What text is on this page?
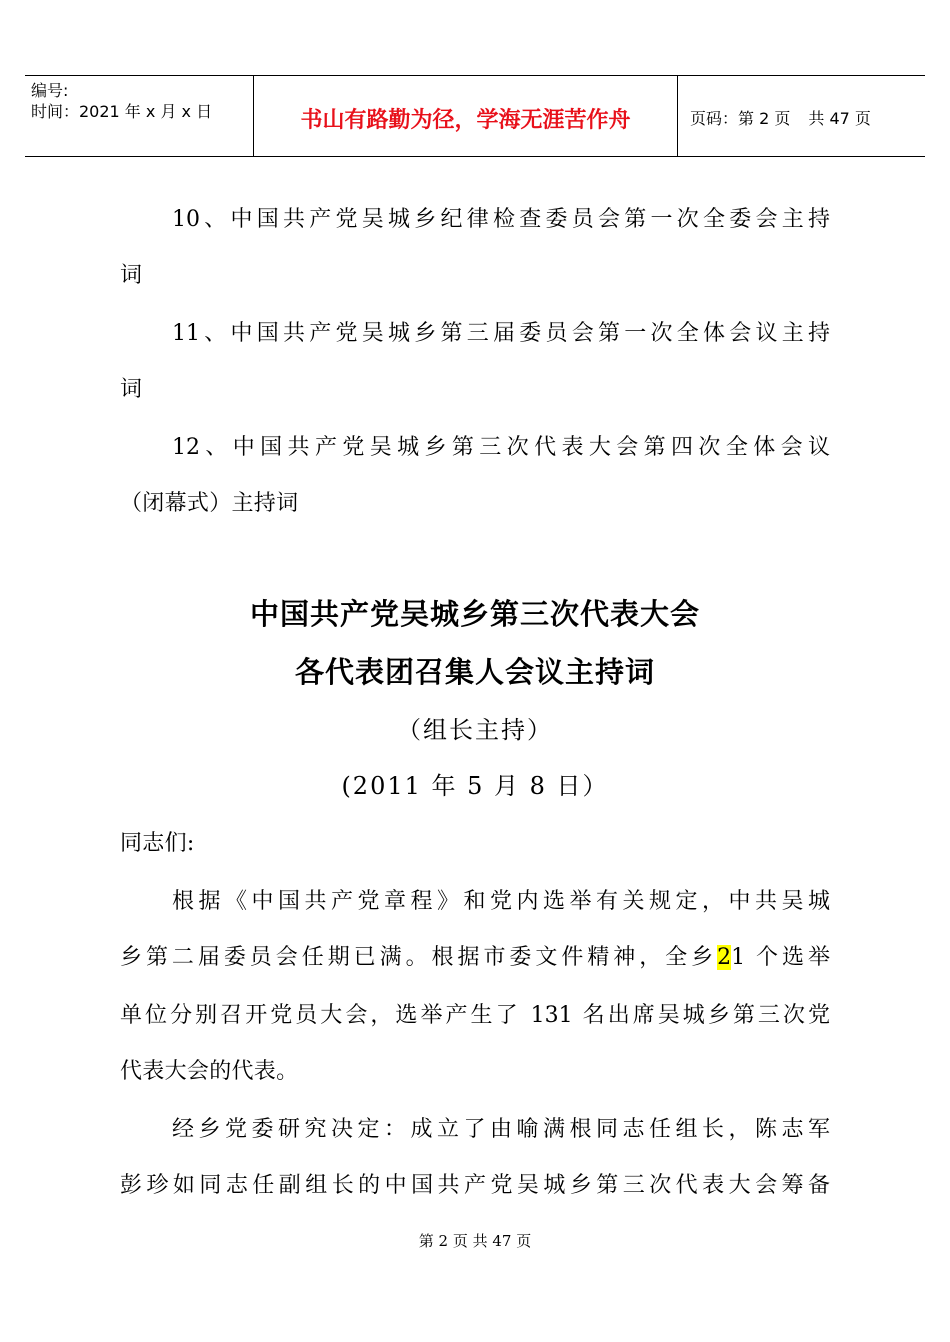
编号:
时间：2021 年 x 月 x 日	书山有路勤为径，学海无涯苦作舟	页码：第 2 页 共 47 页
10、中国共产党吴城乡纪律检查委员会第一次全委会主持
词
11、中国共产党吴城乡第三届委员会第一次全体会议主持
词
12、中国共产党吴城乡第三次代表大会第四次全体会议
（闭幕式）主持词
中国共产党吴城乡第三次代表大会
各代表团召集人会议主持词
（组长主持）
(2011 年 5 月 8 日）
同志们:
根据《中国共产党章程》和党内选举有关规定，中共吴城
乡第二届委员会任期已满。根据市委文件精神，全乡21 个选举
单位分别召开党员大会，选举产生了 131 名出席吴城乡第三次党
代表大会的代表。
经乡党委研究决定：成立了由喻满根同志任组长，陈志军
彭珍如同志任副组长的中国共产党吴城乡第三次代表大会筹备
第 2 页 共 47 页
